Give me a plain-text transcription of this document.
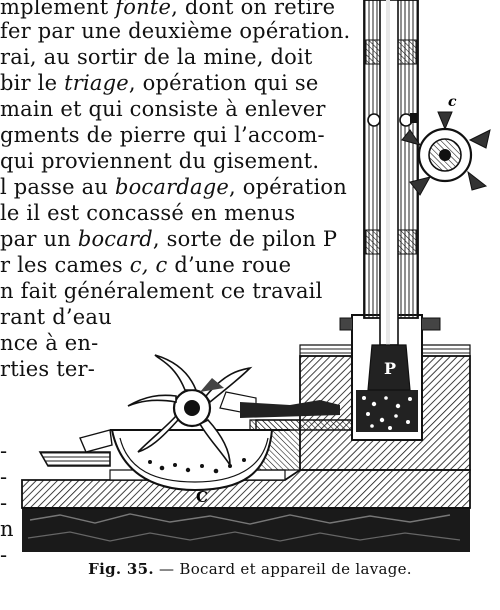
P
c
C
mplement fonte, dont on retire
fer par une deuxième opération.
rai, au sortir de la mine, doit
bir le triage, opération qui se
main et qui consiste à enlever
gments de pierre qui l’accom-
qui proviennent du gisement.
l passe au bocardage, opération
le il est concassé en menus
par un bocard, sorte de pilon P
r les cames c, c d’une roue
n fait généralement ce travail
rant d’eau
nce à en-
rties ter-
-
-
-
n
-
Fig. 35. — Bocard et appareil de lavage.
